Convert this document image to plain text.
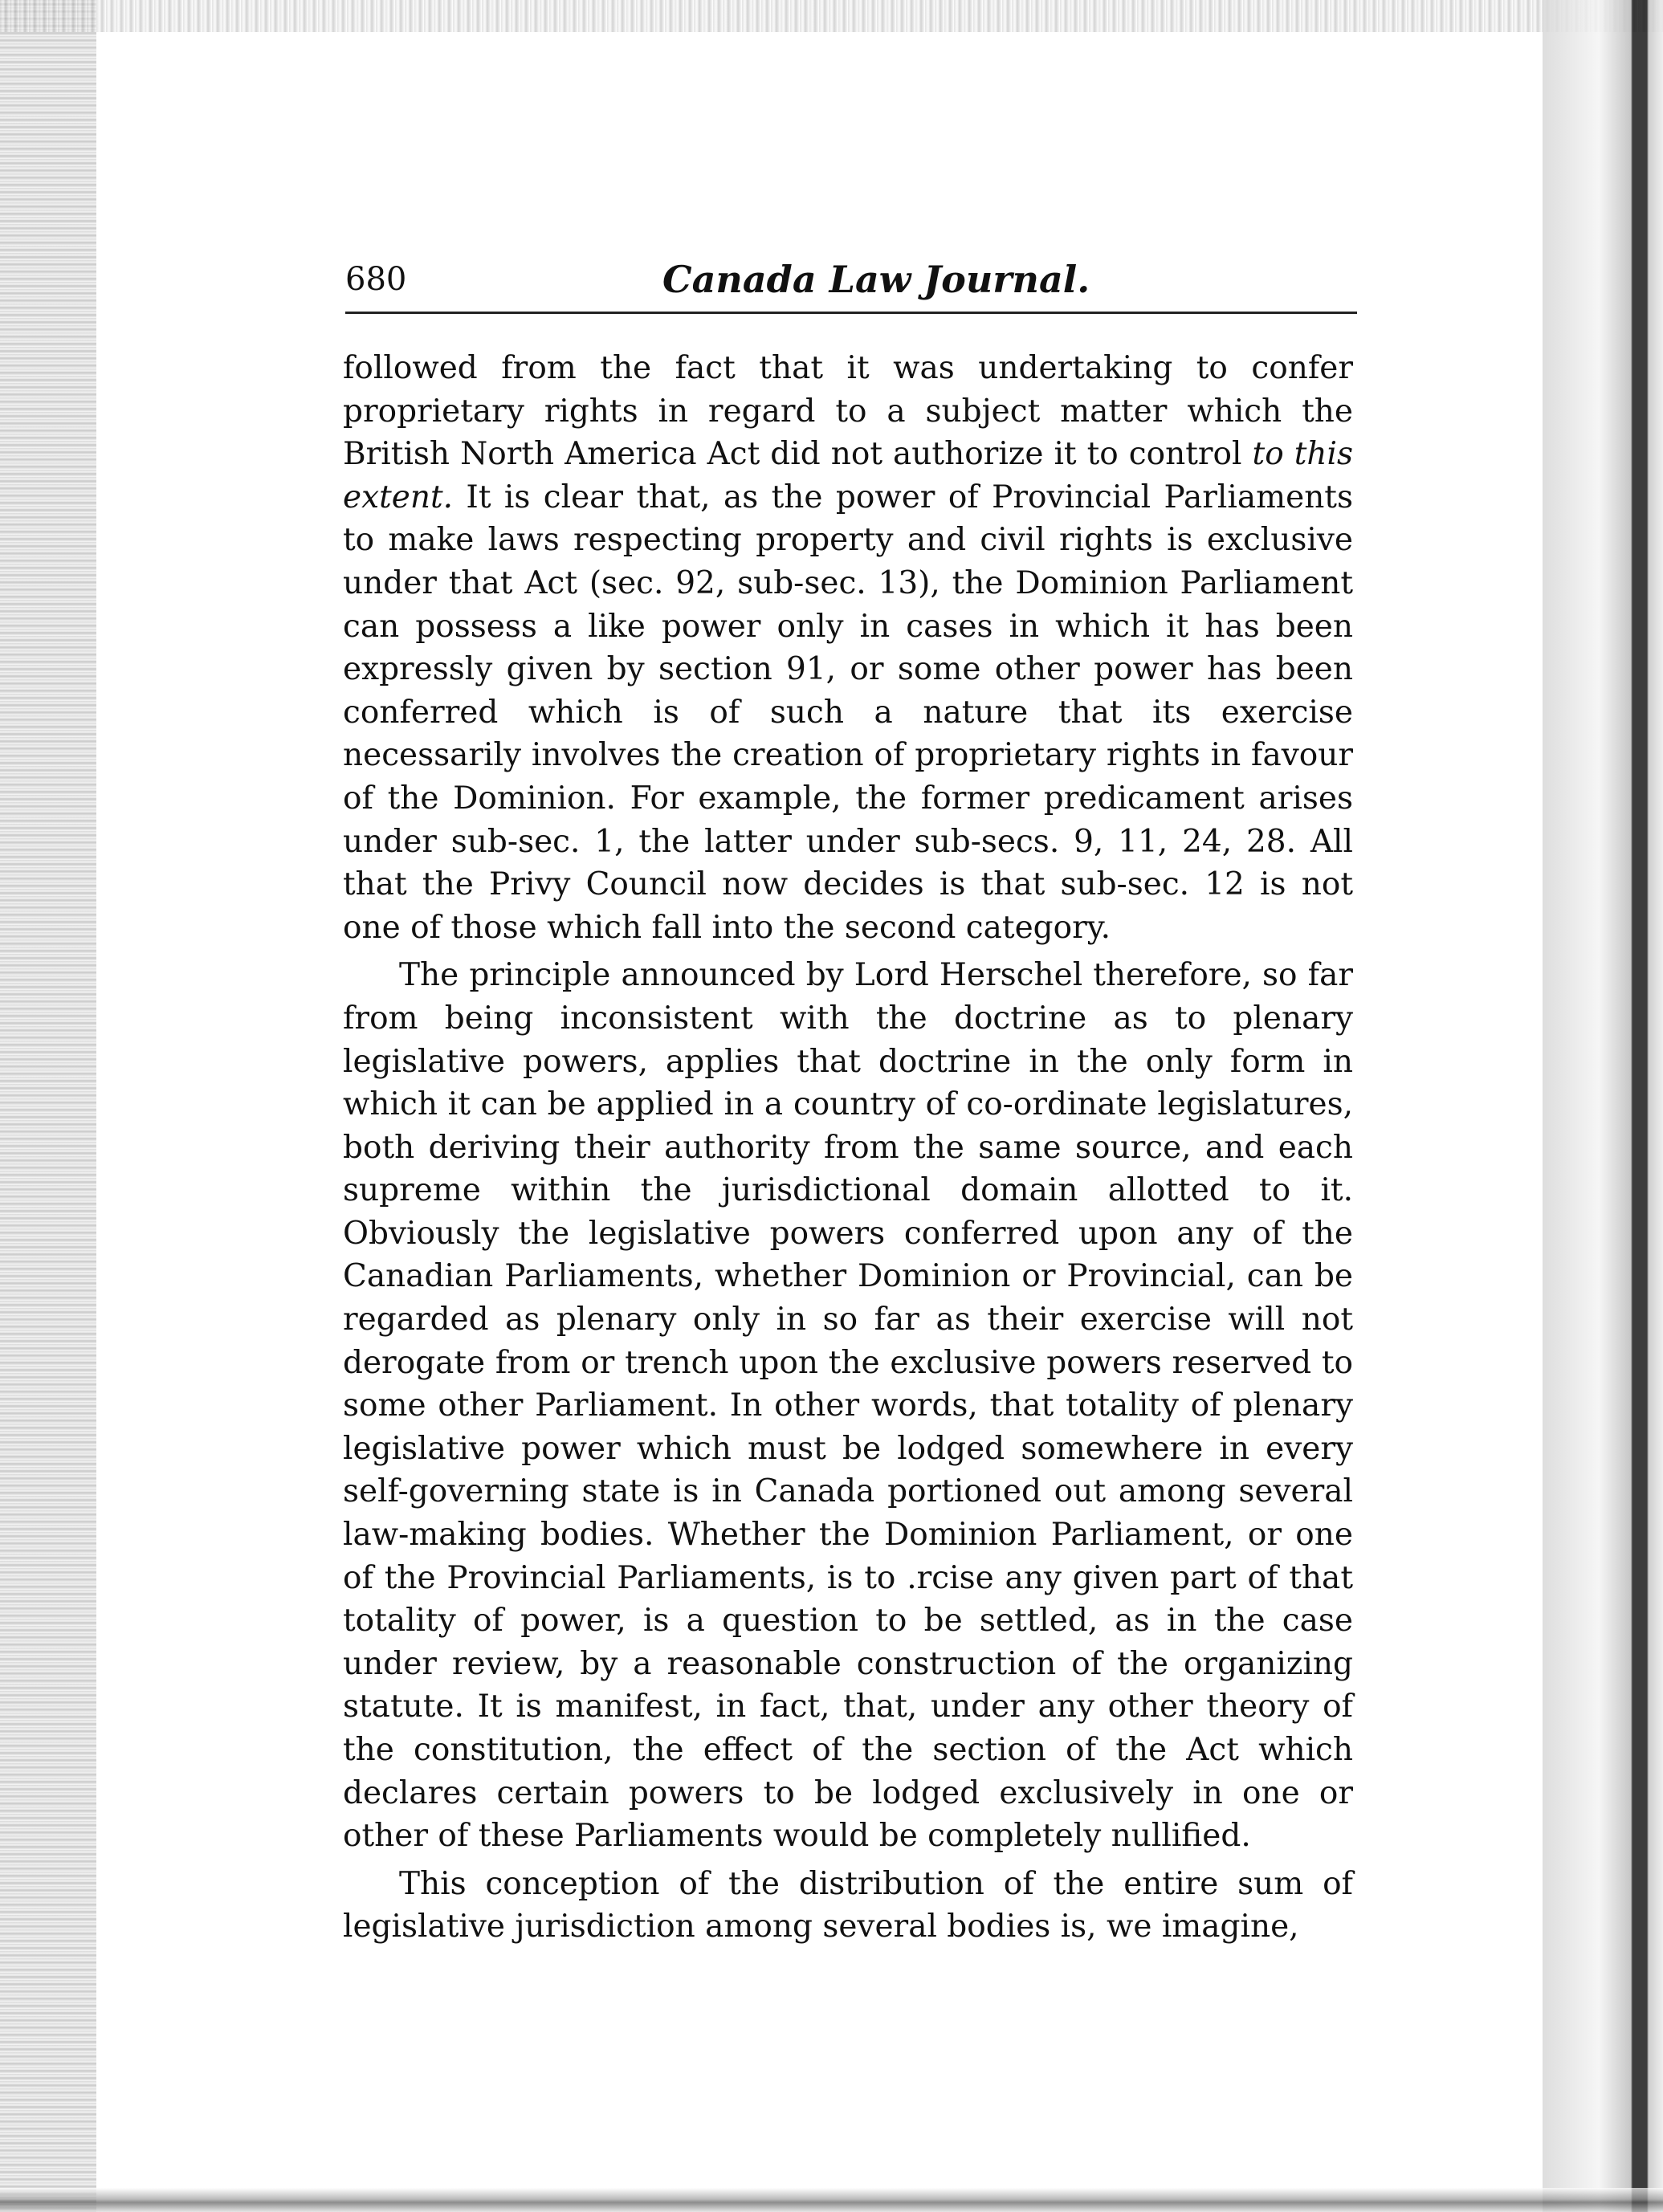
680	Canada Law Journal.

followed from the fact that it was undertaking to confer proprietary rights in regard to a subject matter which the British North America Act did not authorize it to control to this extent. It is clear that, as the power of Provincial Parliaments to make laws respecting property and civil rights is exclusive under that Act (sec. 92, sub-sec. 13), the Dominion Parliament can possess a like power only in cases in which it has been expressly given by section 91, or some other power has been conferred which is of such a nature that its exercise necessarily involves the creation of proprietary rights in favour of the Dominion. For example, the former predicament arises under sub-sec. 1, the latter under sub-secs. 9, 11, 24, 28. All that the Privy Council now decides is that sub-sec. 12 is not one of those which fall into the second category.

The principle announced by Lord Herschel therefore, so far from being inconsistent with the doctrine as to plenary legislative powers, applies that doctrine in the only form in which it can be applied in a country of co-ordinate legislatures, both deriving their authority from the same source, and each supreme within the jurisdictional domain allotted to it. Obviously the legislative powers conferred upon any of the Canadian Parliaments, whether Dominion or Provincial, can be regarded as plenary only in so far as their exercise will not derogate from or trench upon the exclusive powers reserved to some other Parliament. In other words, that totality of plenary legislative power which must be lodged somewhere in every self-governing state is in Canada portioned out among several law-making bodies. Whether the Dominion Parliament, or one of the Provincial Parliaments, is to .rcise any given part of that totality of power, is a question to be settled, as in the case under review, by a reasonable construction of the organizing statute. It is manifest, in fact, that, under any other theory of the constitution, the effect of the section of the Act which declares certain powers to be lodged exclusively in one or other of these Parliaments would be completely nullified.

This conception of the distribution of the entire sum of legislative jurisdiction among several bodies is, we imagine,
